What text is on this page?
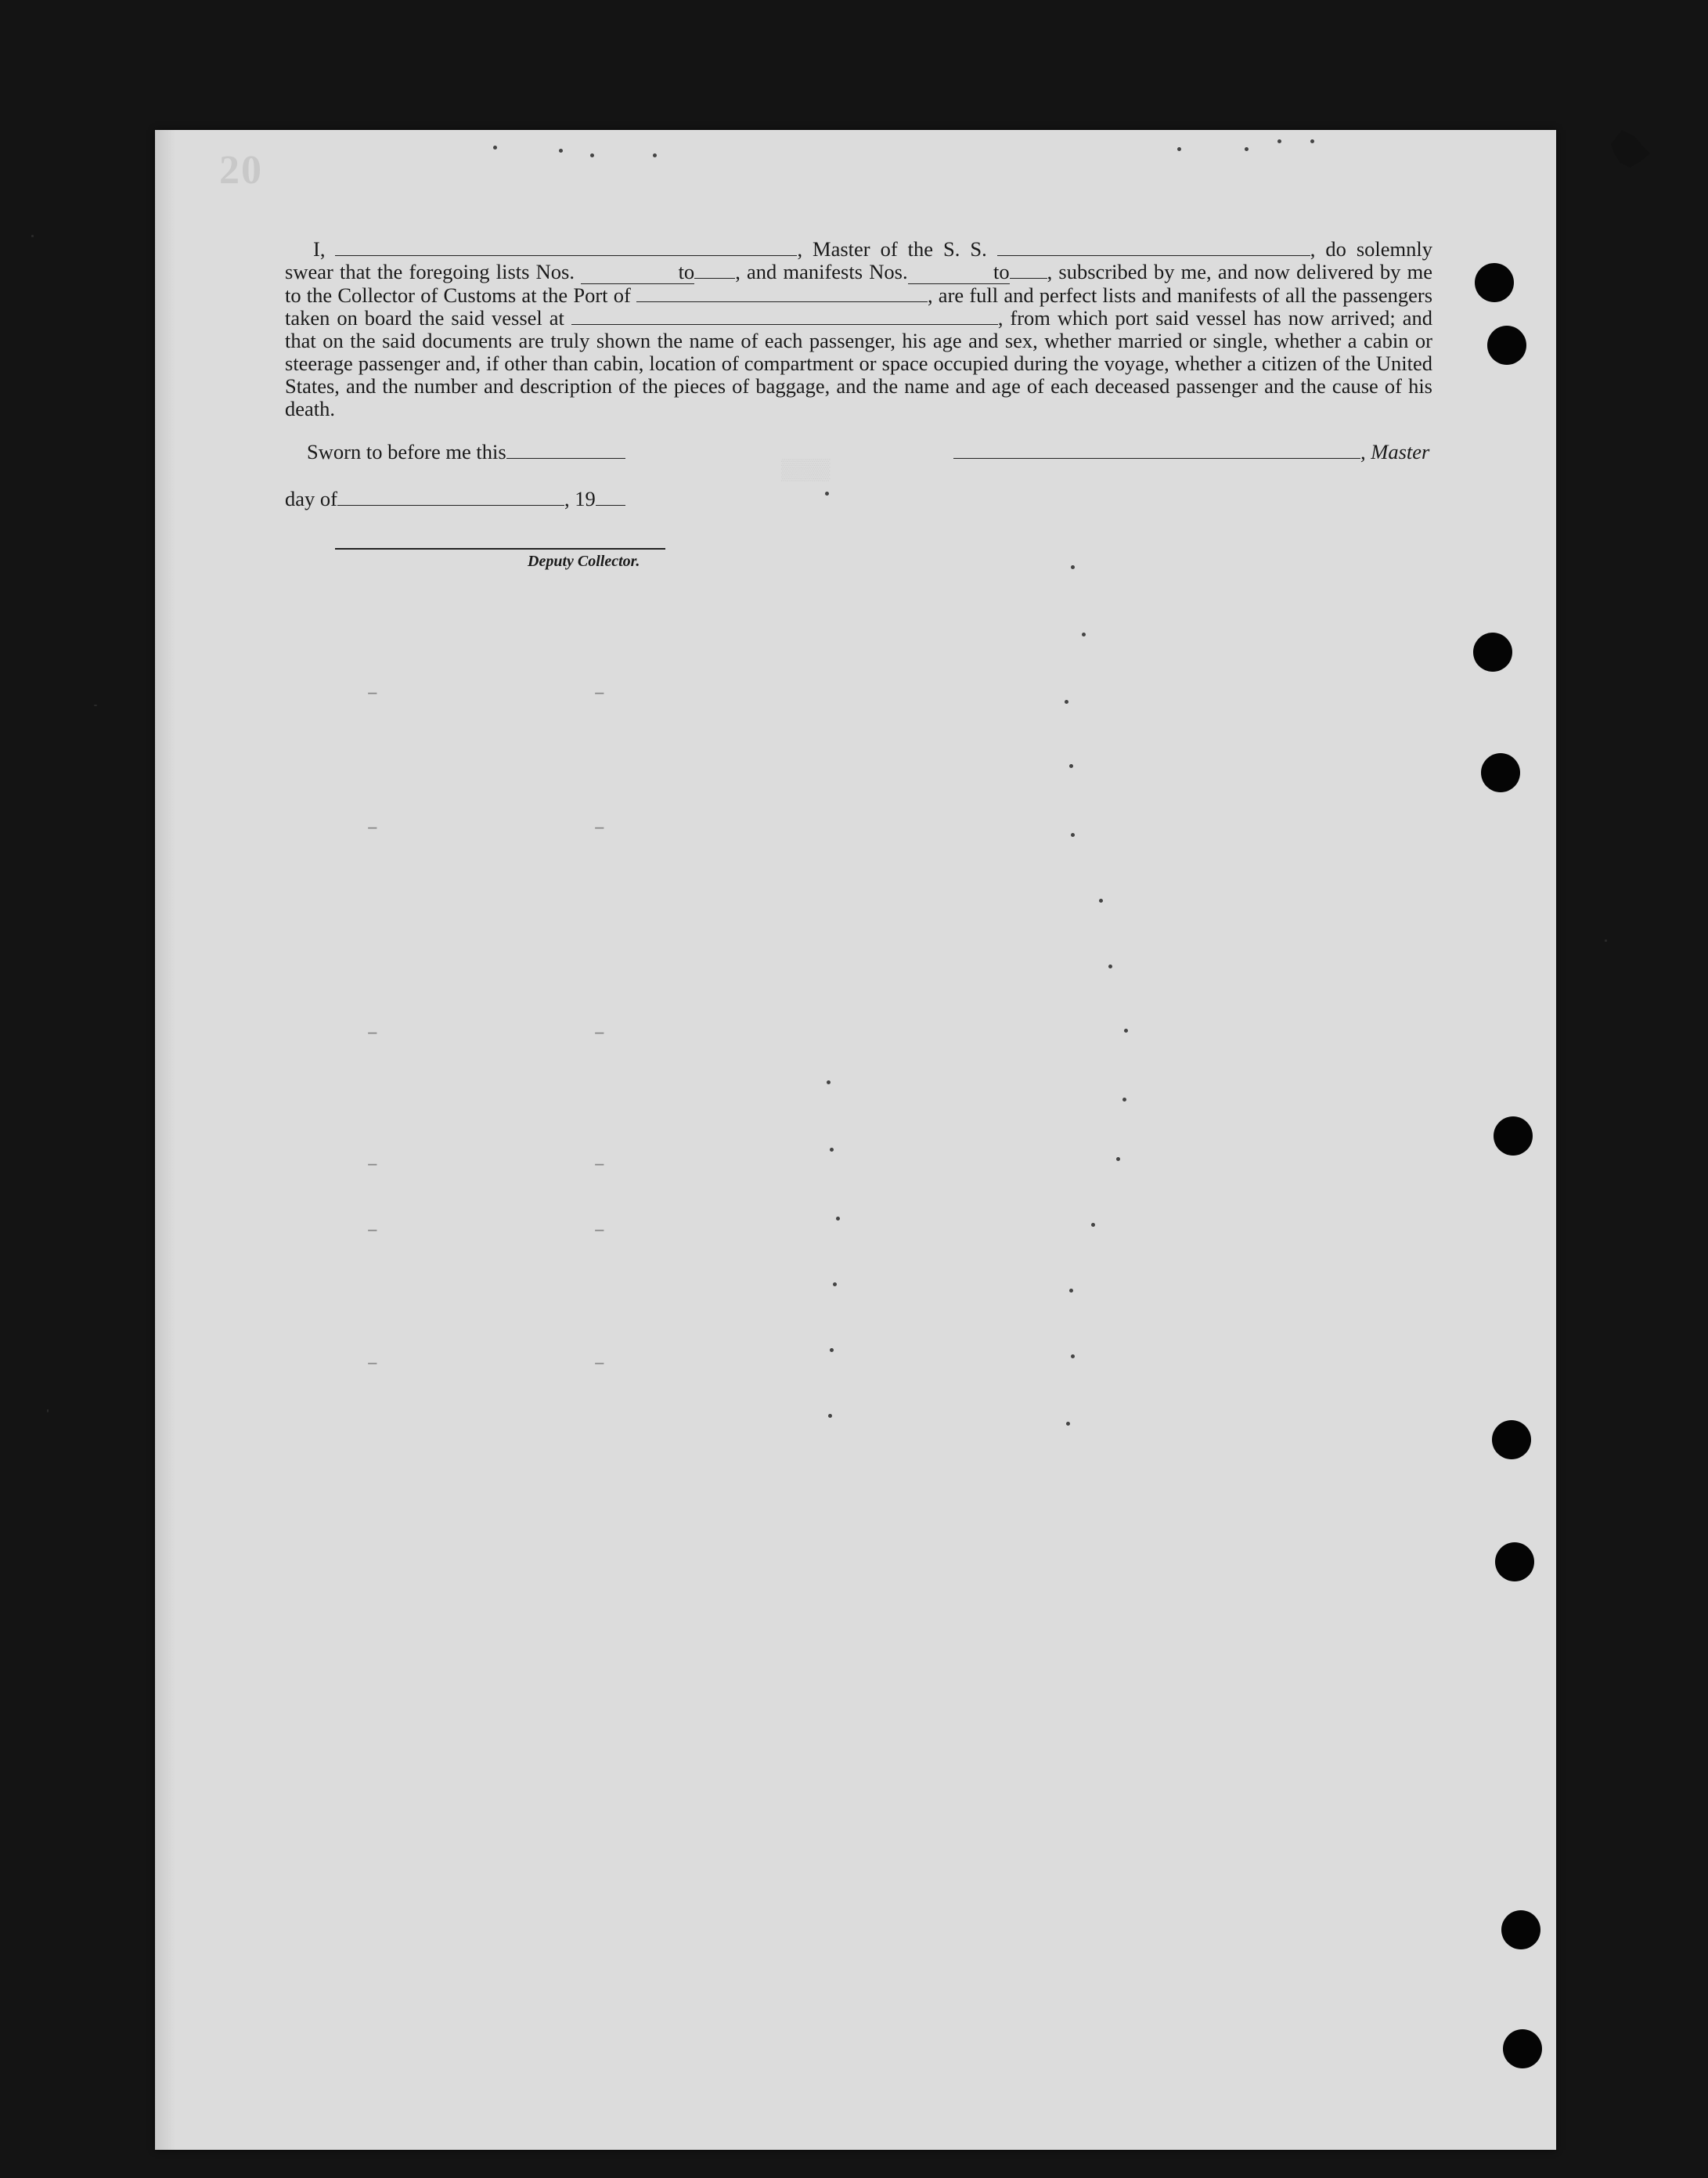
20
I,	, Master of the S. S.	, do solemnly swear that the foregoing lists Nos.	to , and manifests Nos.	to , subscribed by me, and now delivered by me to the Collector of Customs at the Port of	, are full and perfect lists and manifests of all the passengers taken on board the said vessel at	, from which port said vessel has now arrived; and that on the said documents are truly shown the name of each passenger, his age and sex, whether married or single, whether a cabin or steerage passenger and, if other than cabin, location of compartment or space occupied during the voyage, whether a citizen of the United States, and the number and description of the pieces of baggage, and the name and age of each deceased passenger and the cause of his death.
Sworn to before me this	, Master
day of	, 19
Deputy Collector.
▒▒▒▒
–	–
–	–
–	–
–	–
–	–
–	–
